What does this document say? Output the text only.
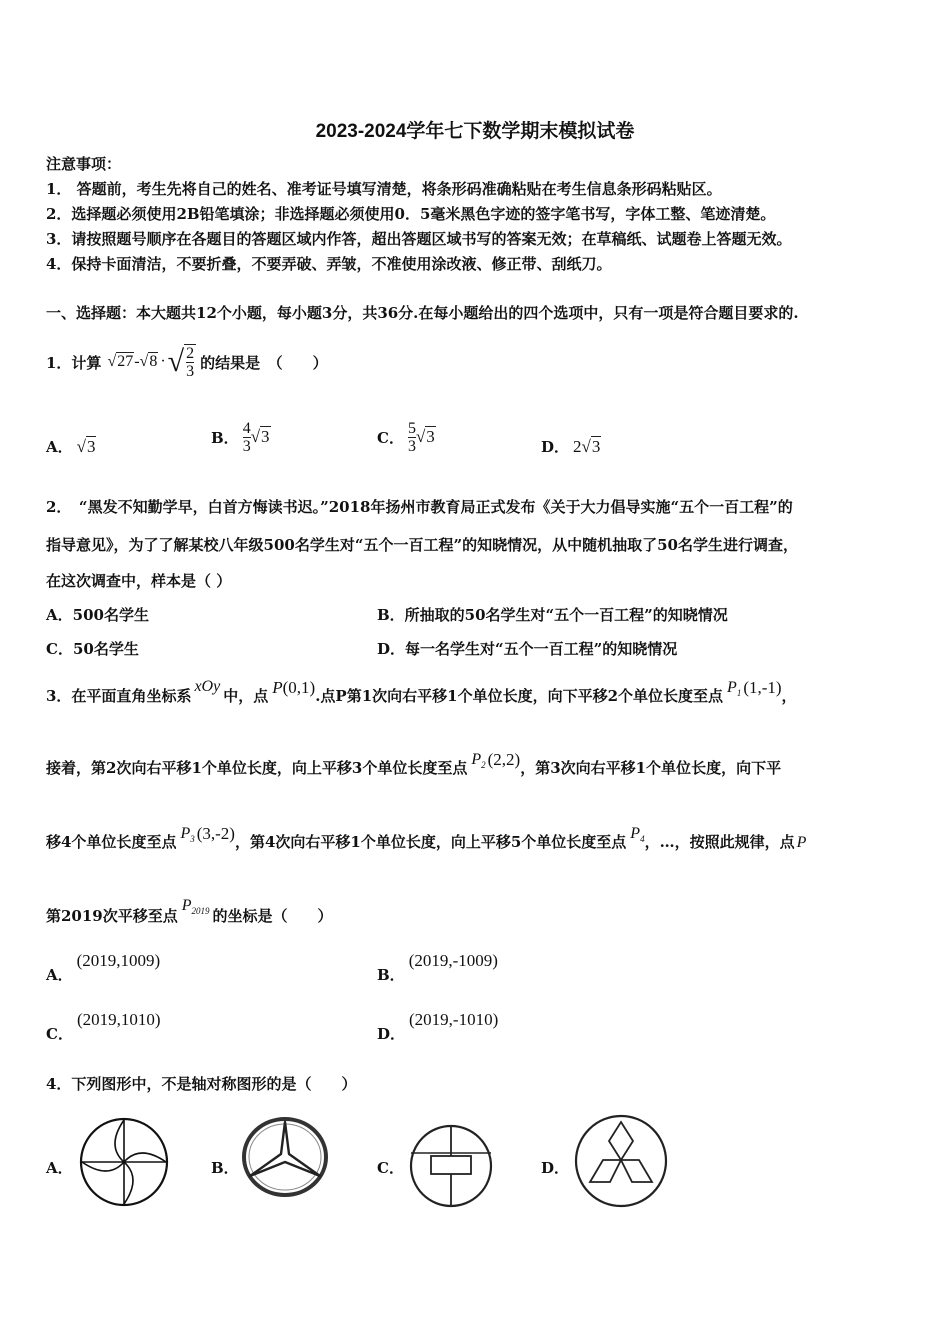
2023-2024学年七下数学期末模拟试卷
注意事项：
1． 答题前，考生先将自己的姓名、准考证号填写清楚，将条形码准确粘贴在考生信息条形码粘贴区。
2．选择题必须使用2B铅笔填涂；非选择题必须使用0．5毫米黑色字迹的签字笔书写，字体工整、笔迹清楚。
3．请按照题号顺序在各题目的答题区域内作答，超出答题区域书写的答案无效；在草稿纸、试题卷上答题无效。
4．保持卡面清洁，不要折叠，不要弄破、弄皱，不准使用涂改液、修正带、刮纸刀。
一、选择题：本大题共12个小题，每小题3分，共36分.在每小题给出的四个选项中，只有一项是符合题目要求的.
1．计算 √27 - √8 · √ $\frac{2}{3}$ 的结果是　（　　）
A． √3	B． $\frac{4}{3} √3$	C． $\frac{5}{3} √3$
D． 2 √3
2．　“黑发不知勤学早，白首方悔读书迟。”2018年扬州市教育局正式发布《关于大力倡导实施“五个一百工程”的
指导意见》，为了了解某校八年级500名学生对“五个一百工程”的知晓情况，从中随机抽取了50名学生进行调查，
在这次调查中，样本是（ ）
A．500名学生	B．所抽取的50名学生对“五个一百工程”的知晓情况
C．50名学生	D．每一名学生对“五个一百工程”的知晓情况
3．在平面直角坐标系
xOy
中，点 P (0,1) .点P第1次向右平移1个单位长度，向下平移2个单位长度至点 $P_1$ (1,-1) ，
接着，第2次向右平移1个单位长度，向上平移3个单位长度至点 $P_2$ (2,2) ，第3次向右平移1个单位长度，向下平
移4个单位长度至点 $P_3$ (3,-2) ，第4次向右平移1个单位长度，向上平移5个单位长度至点 $P_4$ ，…，按照此规律，点 P
第2019次平移至点
$P_{2019}$ 的坐标是（　　）
A．
(2019,1009)
B．
(2019,-1009)
C．
(2019,1010)
D．
(2019,-1010)
4．下列图形中，不是轴对称图形的是（　　）
A．	B．	C．	D．
